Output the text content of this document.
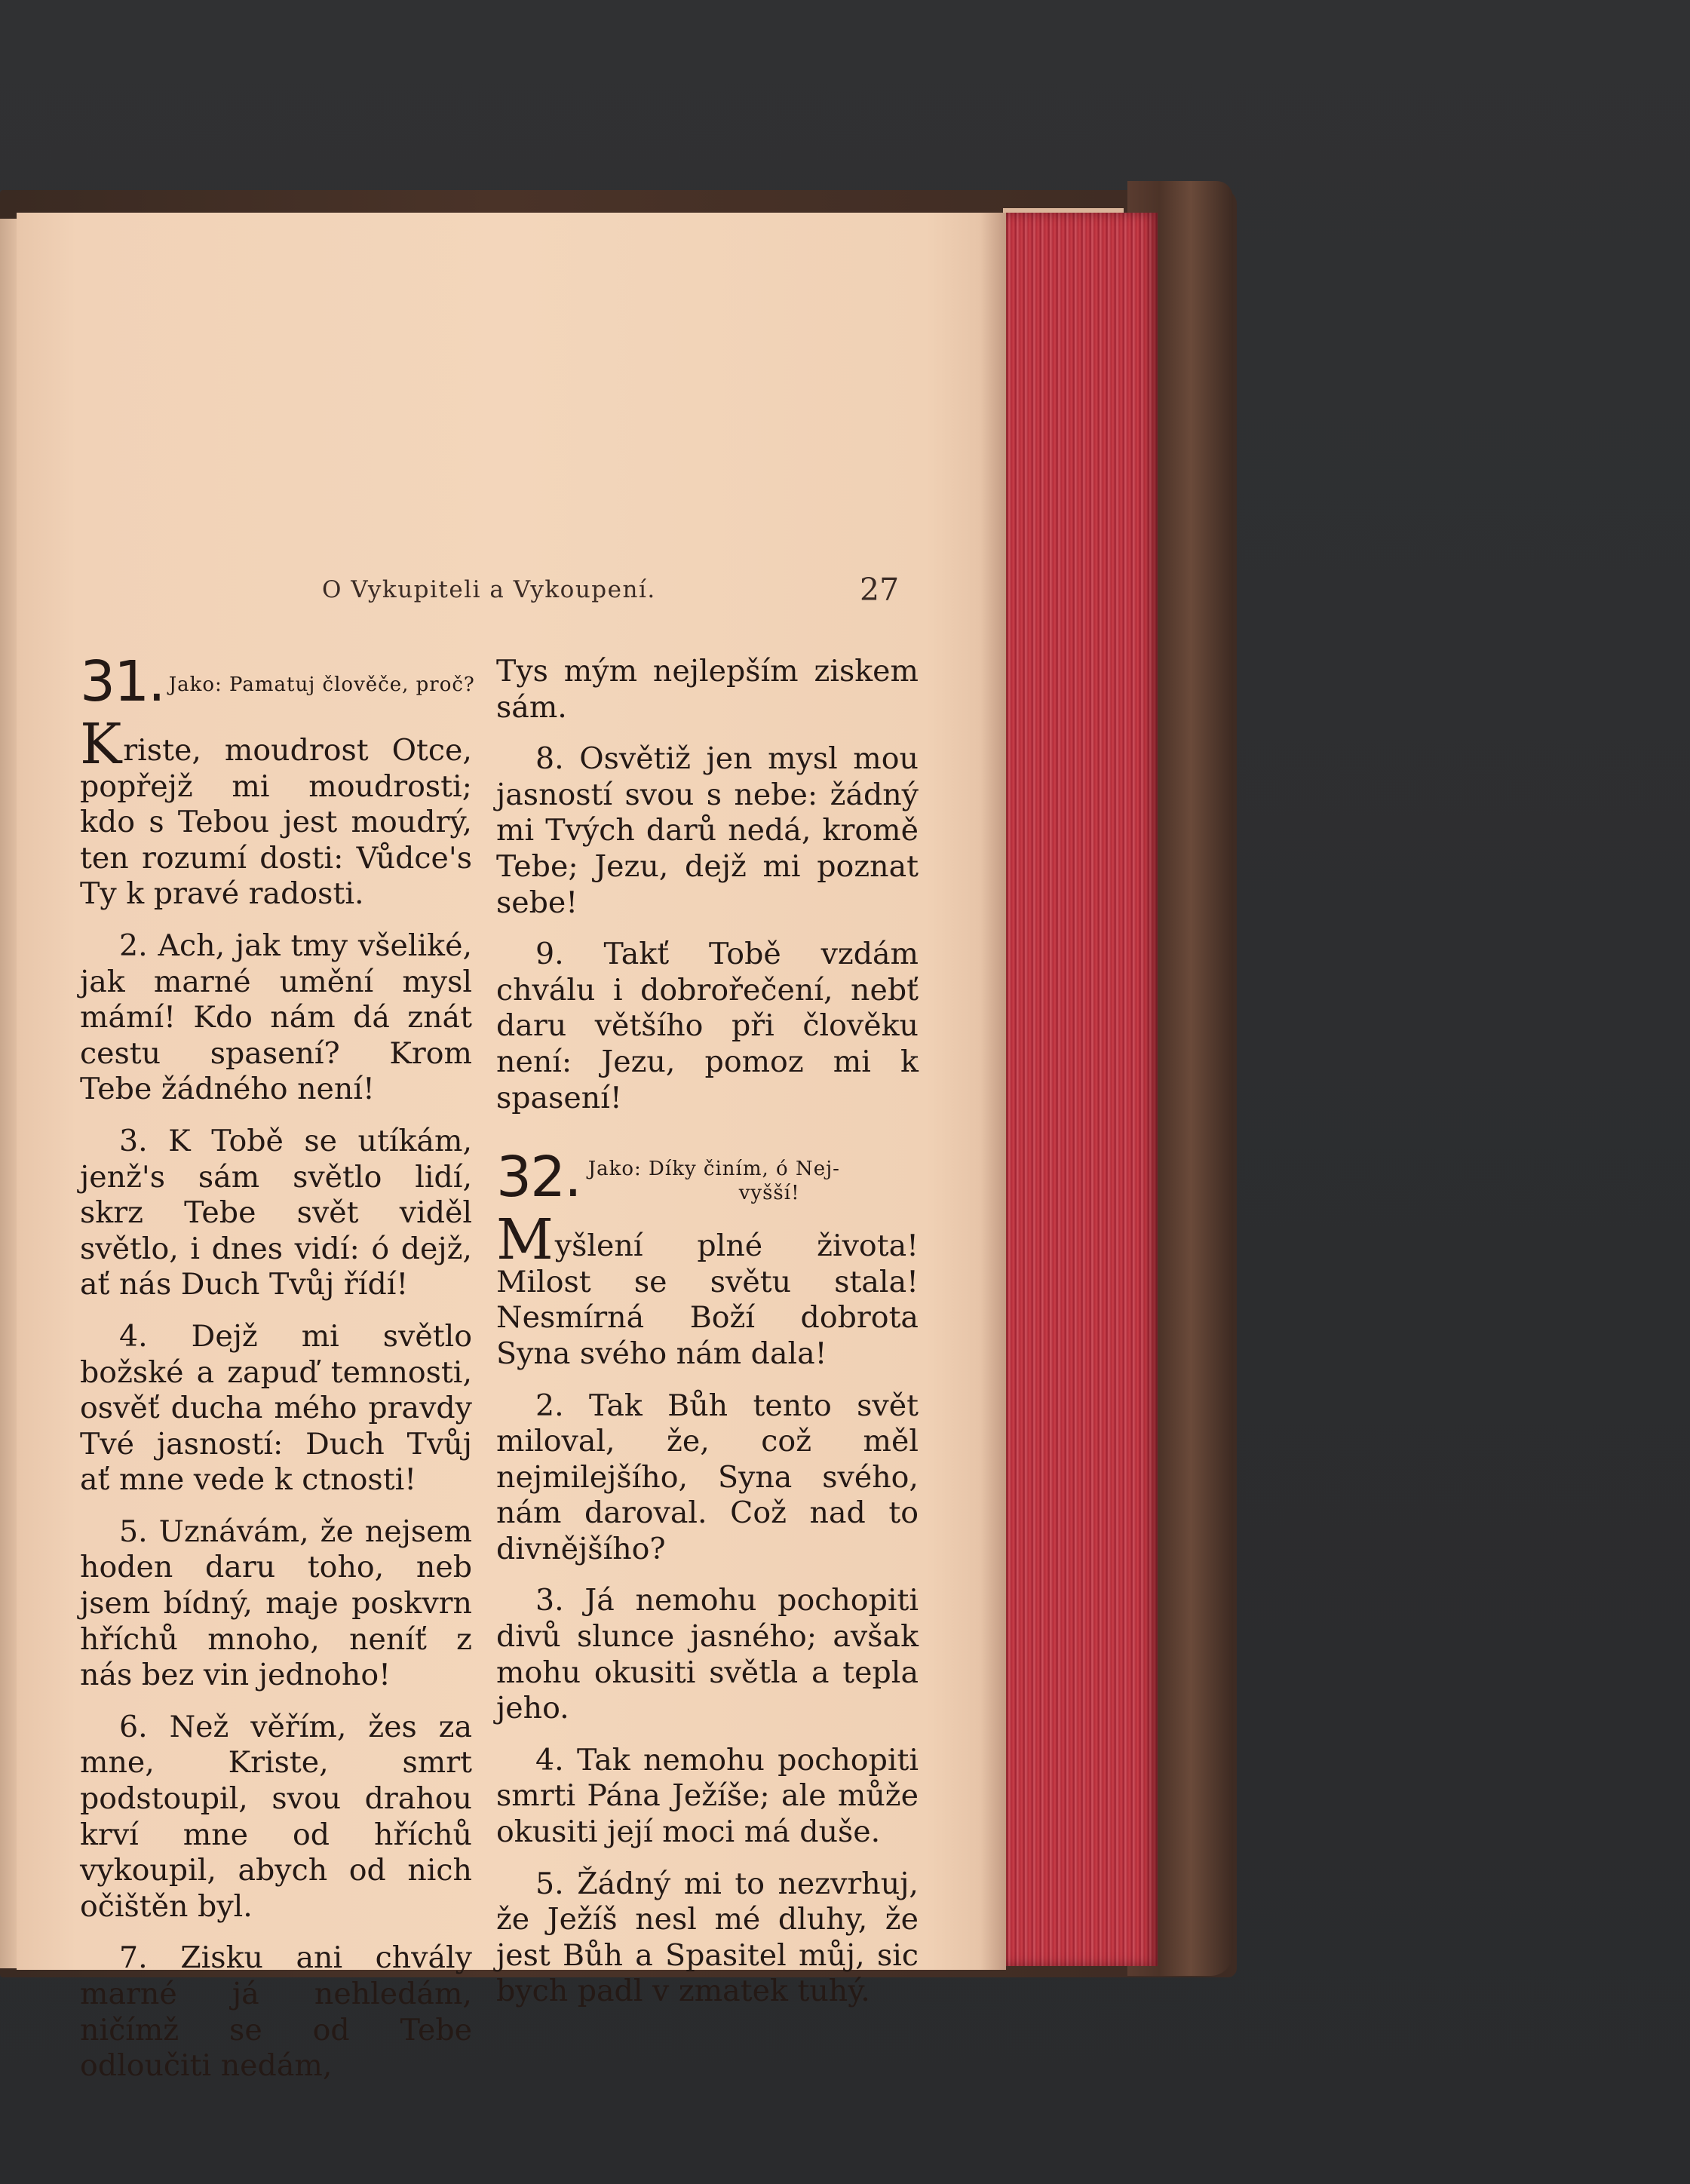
O Vykupiteli a Vykoupení.	27
31. Jako: Pamatuj člověče, proč?

Kriste, moudrost Otce, popřejž mi moudrosti; kdo s Tebou jest moudrý, ten rozumí dosti: Vůdce's Ty k pravé radosti.

2. Ach, jak tmy všeliké, jak marné umění mysl mámí! Kdo nám dá znát cestu spasení? Krom Tebe žádného není!

3. K Tobě se utíkám, jenž's sám světlo lidí, skrz Tebe svět viděl světlo, i dnes vidí: ó dejž, ať nás Duch Tvůj řídí!

4. Dejž mi světlo božské a zapuď temnosti, osvěť ducha mého pravdy Tvé jasností: Duch Tvůj ať mne vede k ctnosti!

5. Uznávám, že nejsem hoden daru toho, neb jsem bídný, maje poskvrn hříchů mnoho, neníť z nás bez vin jednoho!

6. Než věřím, žes za mne, Kriste, smrt podstoupil, svou drahou krví mne od hříchů vykoupil, abych od nich očištěn byl.

7. Zisku ani chvály marné já nehledám, ničímž se od Tebe odloučiti nedám,

Tys mým nejlepším ziskem sám.

8. Osvětiž jen mysl mou jasností svou s nebe: žádný mi Tvých darů nedá, kromě Tebe; Jezu, dejž mi poznat sebe!

9. Takť Tobě vzdám chválu i dobrořečení, nebť daru většího při člověku není: Jezu, pomoz mi k spasení!

32. Jako: Díky činím, ó Nej-
vyšší!

Myšlení plné života! Milost se světu stala! Nesmírná Boží dobrota Syna svého nám dala!

2. Tak Bůh tento svět miloval, že, což měl nejmilejšího, Syna svého, nám daroval. Což nad to divnějšího?

3. Já nemohu pochopiti divů slunce jasného; avšak mohu okusiti světla a tepla jeho.

4. Tak nemohu pochopiti smrti Pána Ježíše; ale může okusiti její moci má duše.

5. Žádný mi to nezvrhuj, že Ježíš nesl mé dluhy, že jest Bůh a Spasitel můj, sic bych padl v zmatek tuhý.
